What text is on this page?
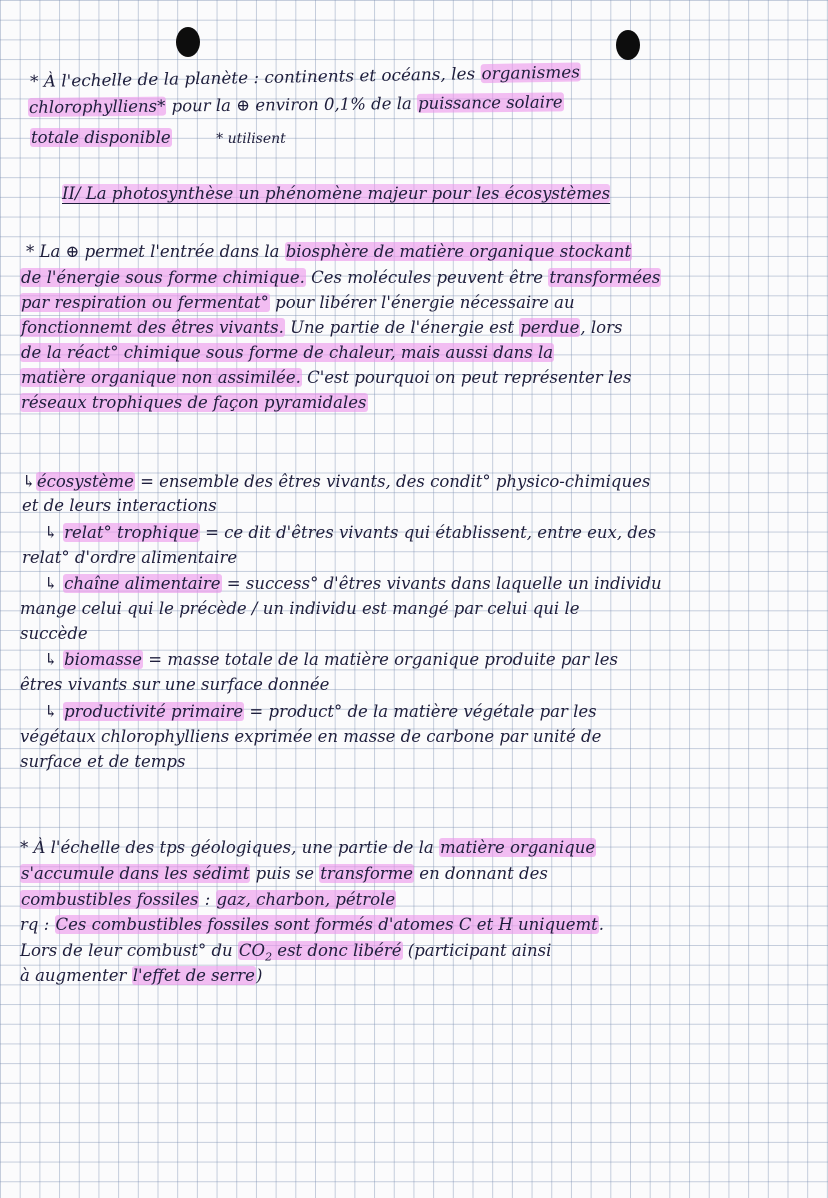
* À l'echelle de la planète : continents et océans, les organismes
chlorophylliens* pour la ⊕ environ 0,1% de la puissance solaire
totale disponible          * utilisent
II/ La photosynthèse un phénomène majeur pour les écosystèmes
* La ⊕ permet l'entrée dans la biosphère de matière organique stockant
de l'énergie sous forme chimique. Ces molécules peuvent être transformées
par respiration ou fermentat° pour libérer l'énergie nécessaire au
fonctionnemt des êtres vivants. Une partie de l'énergie est perdue, lors
de la réact° chimique sous forme de chaleur, mais aussi dans la
matière organique non assimilée. C'est pourquoi on peut représenter les
réseaux trophiques de façon pyramidales
↳écosystème = ensemble des êtres vivants, des condit° physico-chimiques
et de leurs interactions
↳ relat° trophique = ce dit d'êtres vivants qui établissent, entre eux, des
relat° d'ordre alimentaire
↳ chaîne alimentaire = success° d'êtres vivants dans laquelle un individu
mange celui qui le précède / un individu est mangé par celui qui le
succède
↳ biomasse = masse totale de la matière organique produite par les
êtres vivants sur une surface donnée
↳ productivité primaire = product° de la matière végétale par les
végétaux chlorophylliens exprimée en masse de carbone par unité de
surface et de temps
* À l'échelle des tps géologiques, une partie de la matière organique
s'accumule dans les sédimt puis se transforme en donnant des
combustibles fossiles : gaz, charbon, pétrole
rq : Ces combustibles fossiles sont formés d'atomes C et H uniquemt.
Lors de leur combust° du $CO_2$ est donc libéré (participant ainsi
à augmenter l'effet de serre)
